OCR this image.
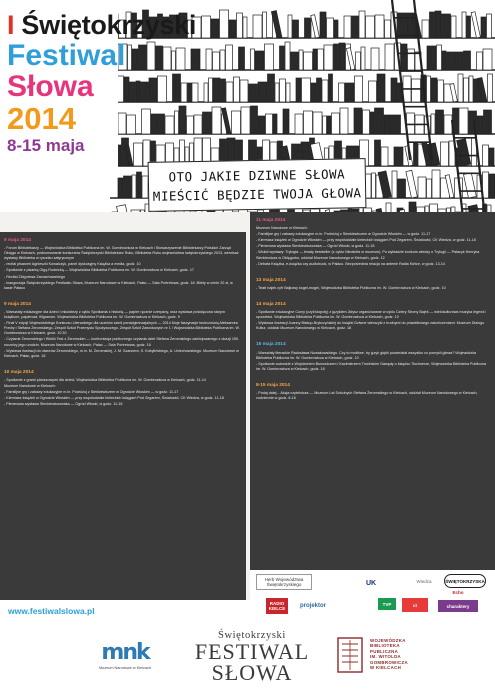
I Świętokrzyski
Festiwal
Słowa
2014
8-15 maja
OTO JAKIE DZIWNE SŁOWA
MIEŚCIĆ BĘDZIE TWOJA GŁOWA
8 maja 2014
- Forum Bibliotekarzy — Wojewódzka Biblioteka Publiczna im. W. Gombrowicza w Kielcach i Stowarzyszenie Bibliotekarzy Polskich Zarząd Okręgu w Kielcach, podsumowanie konkursów Świętokrzyski Bibliotekarz Roku, Biblioteka Roku województwa świętokrzyskiego 2013, wernisaż wystawy Biblioteka w rysunku satyrycznym
- recital pisarzeń Agnieszki Kowalczyk, panel dyskusyjny Książka a media, godz. 10
- Spotkanie z pisarką Olgą Rudnicką — Wojewódzka Biblioteka Publiczna im. W. Gombrowicza w Kielcach, godz. 17
- Recital Zbigniewa Zamachowskiego
- inauguracja Świętokrzyskiego Festiwalu Słowa, Muzeum Narodowe w Kielcach, Pałac — Sala Portretowa, godz. 18. Bilety w cenie 20 zł, w kasie Pałacu
9 maja 2014
- Warsztaty edukacyjne dla dzieci i młodzieży z cyklu Spotkania z historią — papier ręcznie czerpany, oraz wystawa poświęcona starym książkom, papierowi, filigranom. Wojewódzka Biblioteka Publiczna im. W. Gombrowicza w Kielcach, godz. 9
- Finał V edycji Wojewódzkiego Konkursu Literackiego dla uczniów szkół ponadgimnazjalnych — 2014 Moje fascynacje twórczością Aleksandra Fredry i Stefana Żeromskiego, Zespół Szkół Przemysłu Spożywczego, Zespół Szkół Zawodowych nr 1 i Wojewódzka Biblioteka Publiczna im. W. Gombrowicza w Kielcach, godz. 10.30
- Czytanie Żeromskiego i Wielki Test z Żeromskim — konfrontacja publicznego czytania dzieł Stefana Żeromskiego zainicjowanego z okazji 150. rocznicy jego urodzin. Muzeum Narodowe w Kielcach, Pałac — Sala Portretowa, godz. 16
- Wystawa ilustracji do utworów Żeromskiego, m.in. M. Żeromskiej, J. M. Szancera, S. Kobylińskiego, A. Uniechowskiego. Muzeum Narodowe w Kielcach, Pałac, godz. 18
10 maja 2014
- Spotkanie z grami planszowymi dla dzieci, Wojewódzka Biblioteka Publiczna im. W. Gombrowicza w Kielcach, godz. 11-14
Muzeum Narodowe w Kielcach:
- Familijne gry i zabawy edukacyjne m.in. Podróżuj z Sienkiewiczem w Ogrodzie Włoskim — w godz. 11-17
- Kiermasz książek w Ogrodzie Włoskim — przy współudziale kieleckich księgarń Pod Zegarem, Światowid, CK Wiedza, w godz. 11-18
- Plenerowa wystawa Sienkiewiczowska — Ogród Włoski, w godz. 11-18
11 maja 2014
Muzeum Narodowe w Kielcach:
- Familijne gry i zabawy edukacyjne m.in. Podróżuj z Sienkiewiczem w Ogrodzie Włoskim — w godz. 11-17
- Kiermasz książek w Ogrodzie Włoskim — przy współudziale kieleckich księgarń Pod Zegarem, Światowid, CK Wiedza, w godz. 11-18
- Plenerowa wystawa Sienkiewiczowska — Ogród Włoski, w godz. 11-18
- Wokół wystawy: Trylogia — trwały bestseller (z cyklu Niedziela w muzeum). Po wykładzie konkurs wiedzy o Trylogii — Pałacyk Henryka Sienkiewicza w Oblęgorku, oddział Muzeum Narodowego w Kielcach, godz. 12
- Debata Książka, e-książka czy audiobook, w Pałacu. Bezpośrednia relacja na antenie Radia Kielce, w godz. 13-14
13 maja 2014
- Teatr bajek cyfr Bajkowy kogel-mogel, Wojewódzka Biblioteka Publiczna im. W. Gombrowicza w Kielcach, godz. 10
14 maja 2014
- Spotkanie edukacyjne Cumy (czyli kłopoty) z językiem Jidysz organizowane w cyklu Cztery Strony Bajek — wielokulturowa muzyka legend i opowieści. Wojewódzka Biblioteka Publiczna im. W. Gombrowicza w Kielcach, godz. 10
- Wystawa ilustracji Joanny Biskup-Brykczyńskiej do książki Dziwne wierszyki z trudnymi do prawidłowego zakończeniami. Muzeum Dialogu Kultur, oddział Muzeum Narodowego w Kielcach, godz. 18
15 maja 2014
- Warsztaty literackie Radosława Nowakowskiego. Czy to możliwe, by język giętki powiedział wszystko co pomyśli głowa? Wojewódzka Biblioteka Publiczna im. W. Gombrowicza w Kielcach, godz. 10
- Spotkanie autorskie z Wojciechem Bonowiczem i Kazimierzem Trzcińskim Gawędy o księdzu Tischnerze, Wojewódzka Biblioteka Publiczna im. W. Gombrowicza w Kielcach, godz. 18
8-15 maja 2014
- Podaj dalej... Akcja czytelnicza — Muzeum Lat Szkolnych Stefana Żeromskiego w Kielcach, oddział Muzeum Narodowego w Kielcach, codziennie w godz. 8-16
Herb Województwa Świętokrzyskiego	UK	Wiedza	ŚWIĘTOKRZYSKA
Echo
RADIO KIELCE	projektor	TVP	ct	charaktery
www.festiwalslowa.pl
mnk
Muzeum Narodowe w Kielcach
Świętokrzyski
FESTIWAL
SŁOWA
WOJEWÓDZKA
BIBLIOTEKA
PUBLICZNA
IM. WITOLDA
GOMBROWICZA
W KIELCACH
